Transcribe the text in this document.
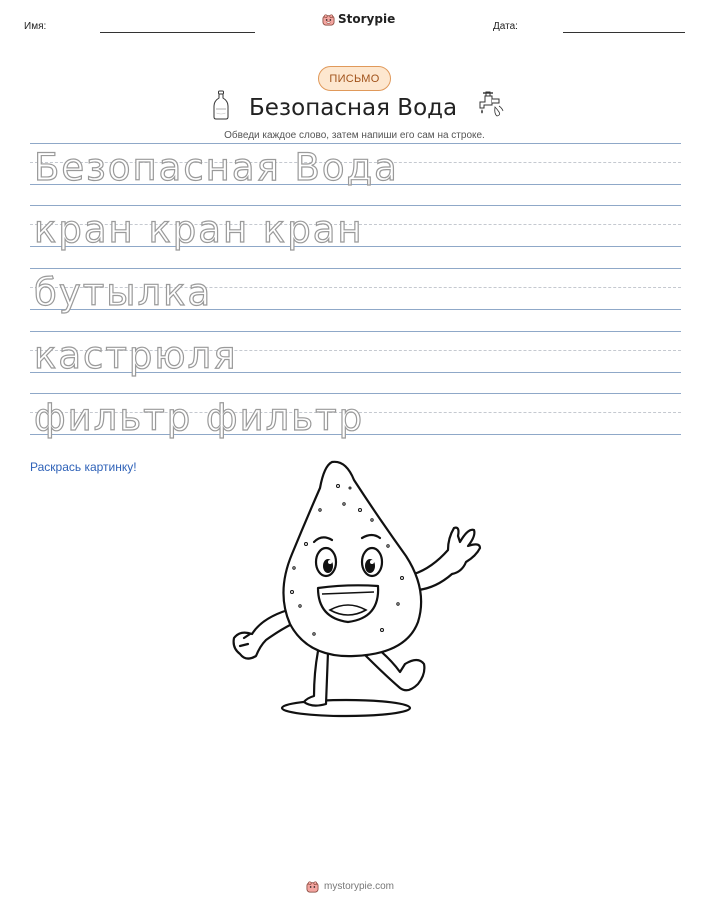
Имя:
Storypie
Дата:
ПИСЬМО
Безопасная Вода
Обведи каждое слово, затем напиши его сам на строке.
Безопасная Вода
кран кран кран
бутылка
кастрюля
фильтр фильтр
Раскрась картинку!
mystorypie.com
